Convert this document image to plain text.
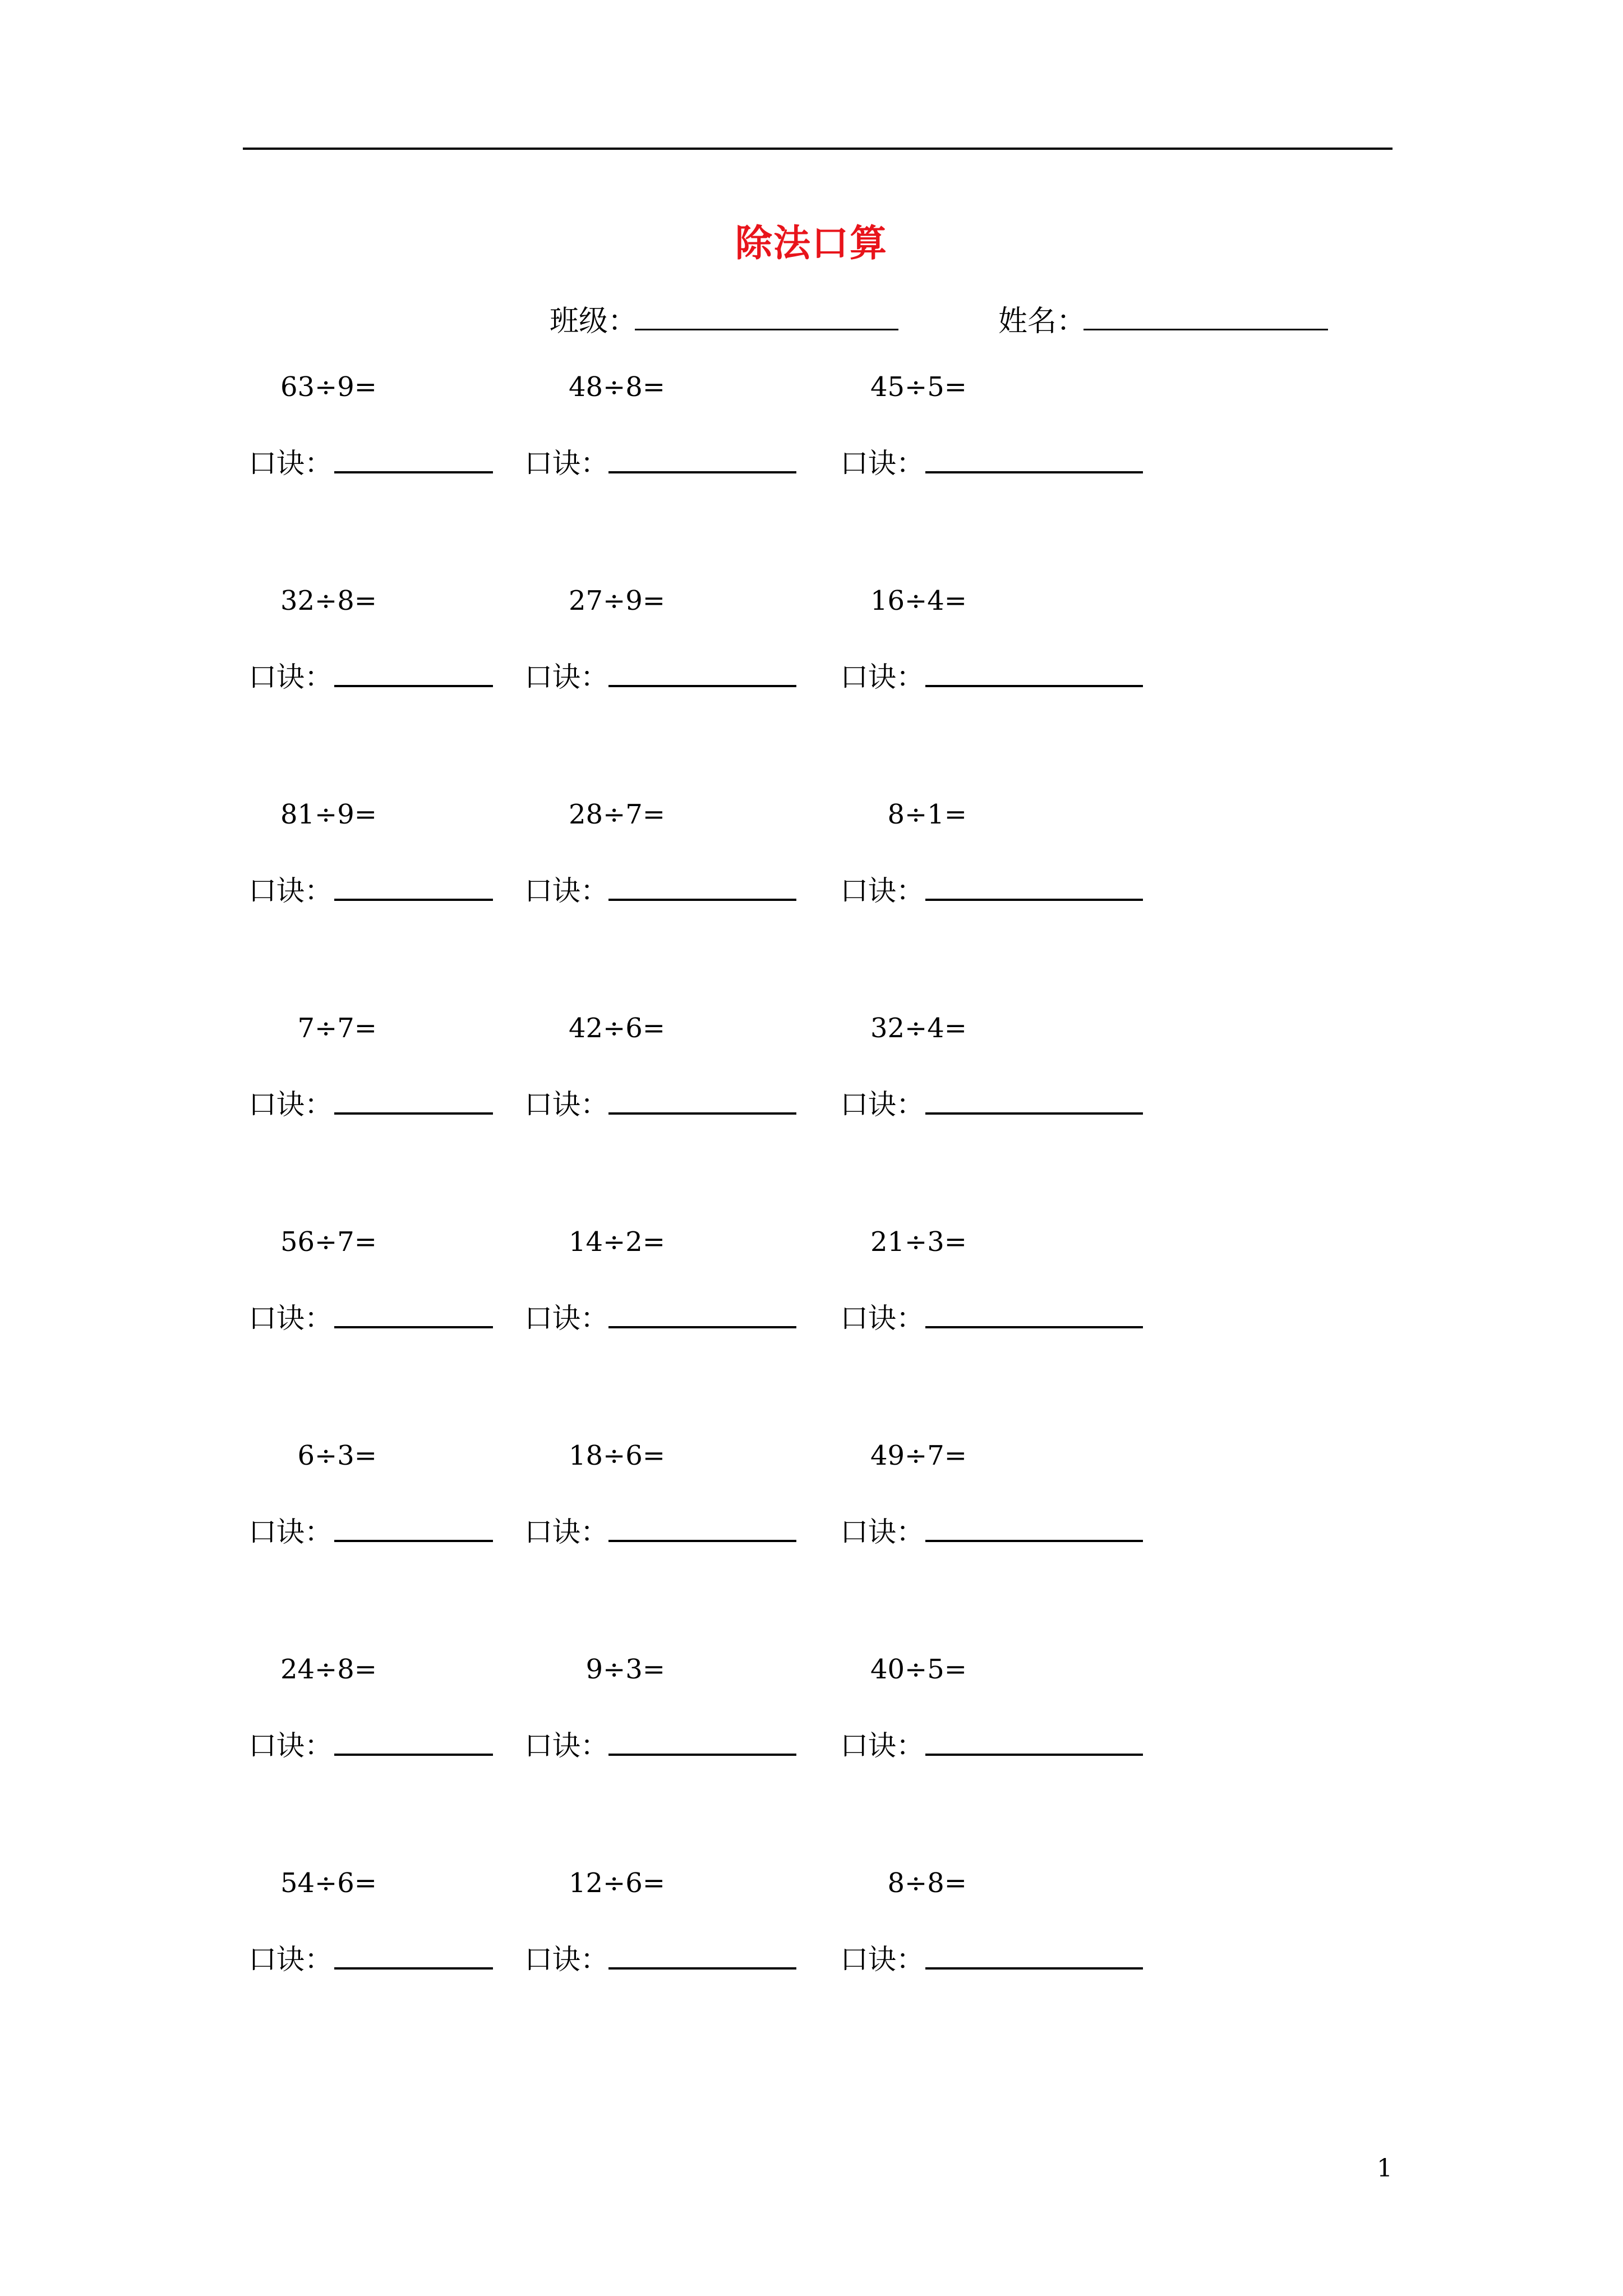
除法口算
班级：	姓名：
63÷9=
口诀：
48÷8=
口诀：
45÷5=
口诀：
32÷8=
口诀：
27÷9=
口诀：
16÷4=
口诀：
81÷9=
口诀：
28÷7=
口诀：
8÷1=
口诀：
7÷7=
口诀：
42÷6=
口诀：
32÷4=
口诀：
56÷7=
口诀：
14÷2=
口诀：
21÷3=
口诀：
6÷3=
口诀：
18÷6=
口诀：
49÷7=
口诀：
24÷8=
口诀：
9÷3=
口诀：
40÷5=
口诀：
54÷6=
口诀：
12÷6=
口诀：
8÷8=
口诀：
1
